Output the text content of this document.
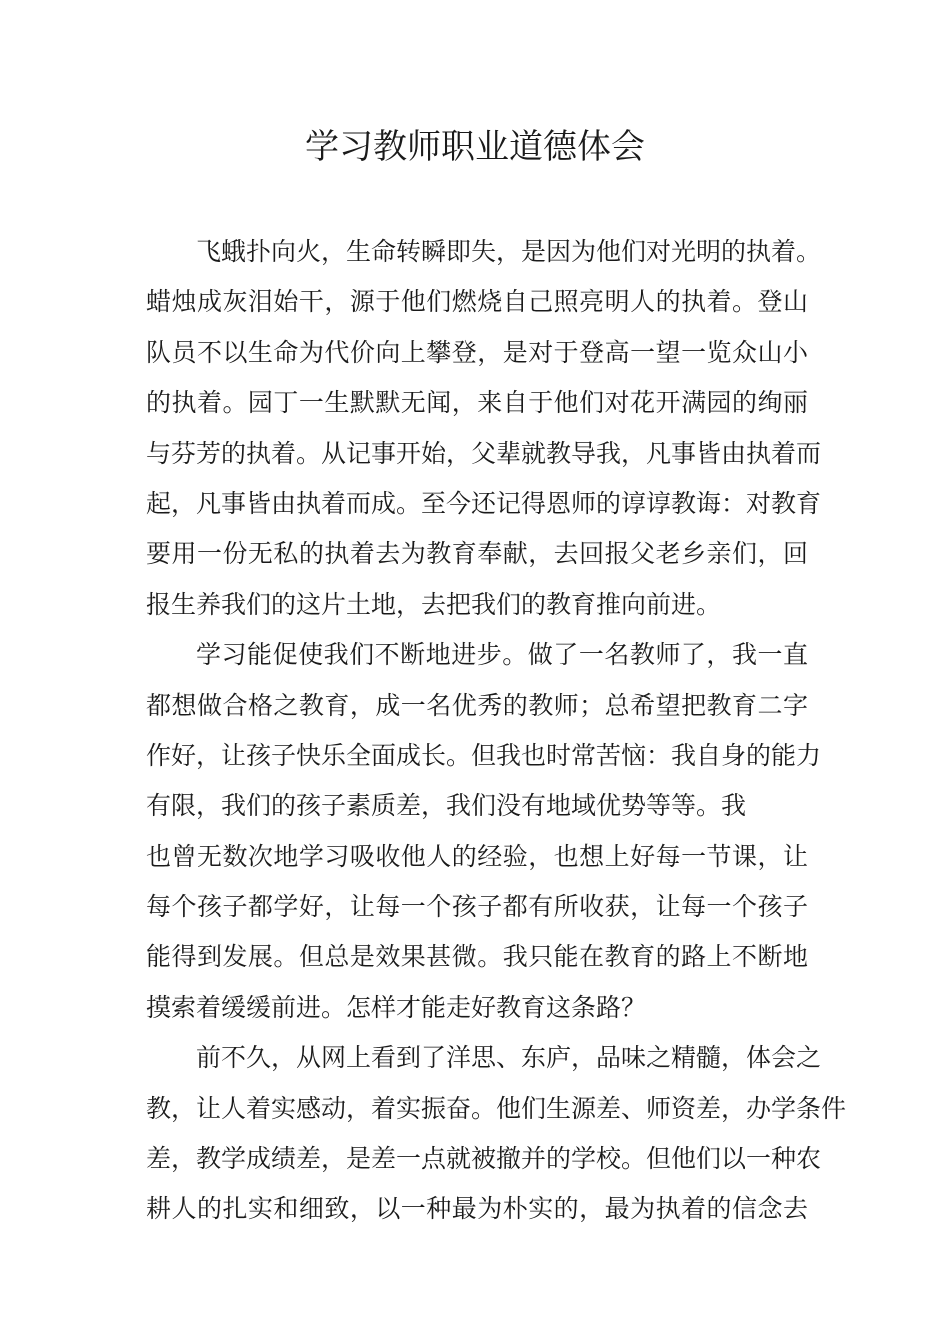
学习教师职业道德体会
飞蛾扑向火，生命转瞬即失，是因为他们对光明的执着。
蜡烛成灰泪始干，源于他们燃烧自己照亮明人的执着。登山
队员不以生命为代价向上攀登，是对于登高一望一览众山小
的执着。园丁一生默默无闻，来自于他们对花开满园的绚丽
与芬芳的执着。从记事开始，父辈就教导我，凡事皆由执着而
起，凡事皆由执着而成。至今还记得恩师的谆谆教诲：对教育
要用一份无私的执着去为教育奉献，去回报父老乡亲们，回
报生养我们的这片土地，去把我们的教育推向前进。
学习能促使我们不断地进步。做了一名教师了，我一直
都想做合格之教育，成一名优秀的教师；总希望把教育二字
作好，让孩子快乐全面成长。但我也时常苦恼：我自身的能力
有限，我们的孩子素质差，我们没有地域优势等等。我
也曾无数次地学习吸收他人的经验，也想上好每一节课，让
每个孩子都学好，让每一个孩子都有所收获，让每一个孩子
能得到发展。但总是效果甚微。我只能在教育的路上不断地
摸索着缓缓前进。怎样才能走好教育这条路？
前不久，从网上看到了洋思、东庐，品味之精髓，体会之
教，让人着实感动，着实振奋。他们生源差、师资差，办学条件
差，教学成绩差，是差一点就被撤并的学校。但他们以一种农
耕人的扎实和细致，以一种最为朴实的，最为执着的信念去
